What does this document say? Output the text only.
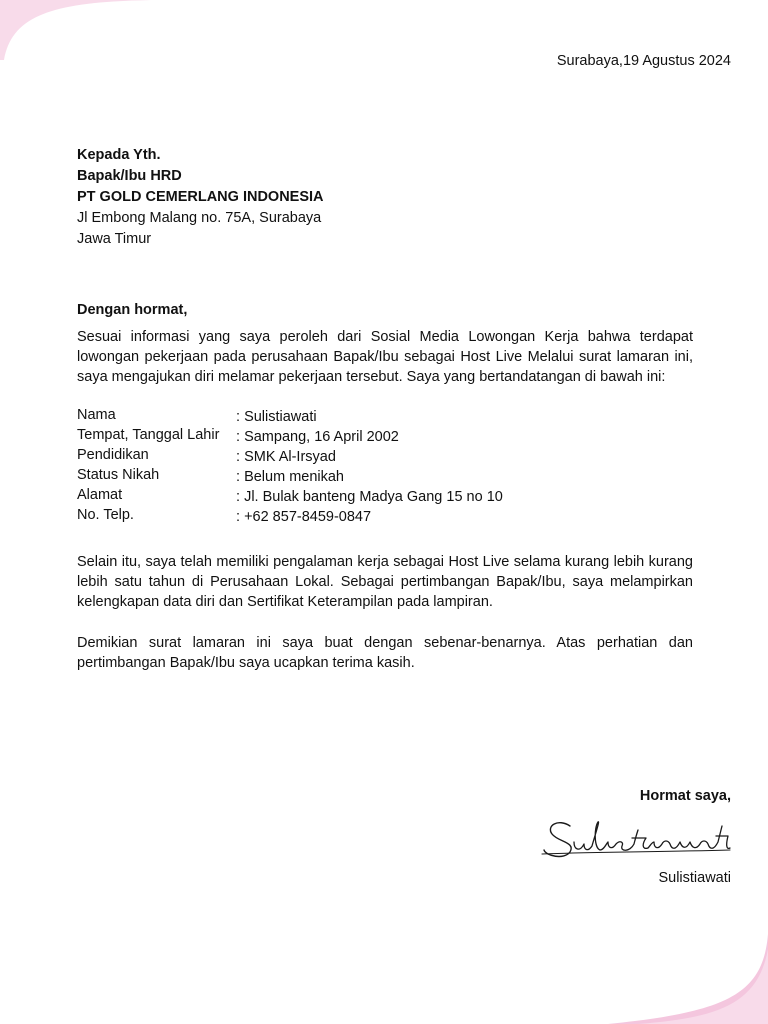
Surabaya,19 Agustus 2024
Kepada Yth.
Bapak/Ibu HRD
PT GOLD CEMERLANG INDONESIA
Jl Embong Malang no. 75A, Surabaya
Jawa Timur
Dengan hormat,
Sesuai informasi yang saya peroleh dari Sosial Media Lowongan Kerja bahwa terdapat lowongan pekerjaan pada perusahaan Bapak/Ibu sebagai Host Live Melalui surat lamaran ini, saya mengajukan diri melamar pekerjaan tersebut. Saya yang bertandatangan di bawah ini:
Nama	: Sulistiawati
Tempat, Tanggal Lahir	: Sampang, 16 April 2002
Pendidikan	: SMK Al-Irsyad
Status Nikah	: Belum menikah
Alamat	: Jl. Bulak banteng Madya Gang 15 no 10
No. Telp.	: +62 857-8459-0847
Selain itu, saya telah memiliki pengalaman kerja sebagai Host Live selama kurang lebih kurang lebih satu tahun di Perusahaan Lokal. Sebagai pertimbangan Bapak/Ibu, saya melampirkan kelengkapan data diri dan Sertifikat Keterampilan pada lampiran.
Demikian surat lamaran ini saya buat dengan sebenar-benarnya. Atas perhatian dan pertimbangan Bapak/Ibu saya ucapkan terima kasih.
Hormat saya,
Sulistiawati
